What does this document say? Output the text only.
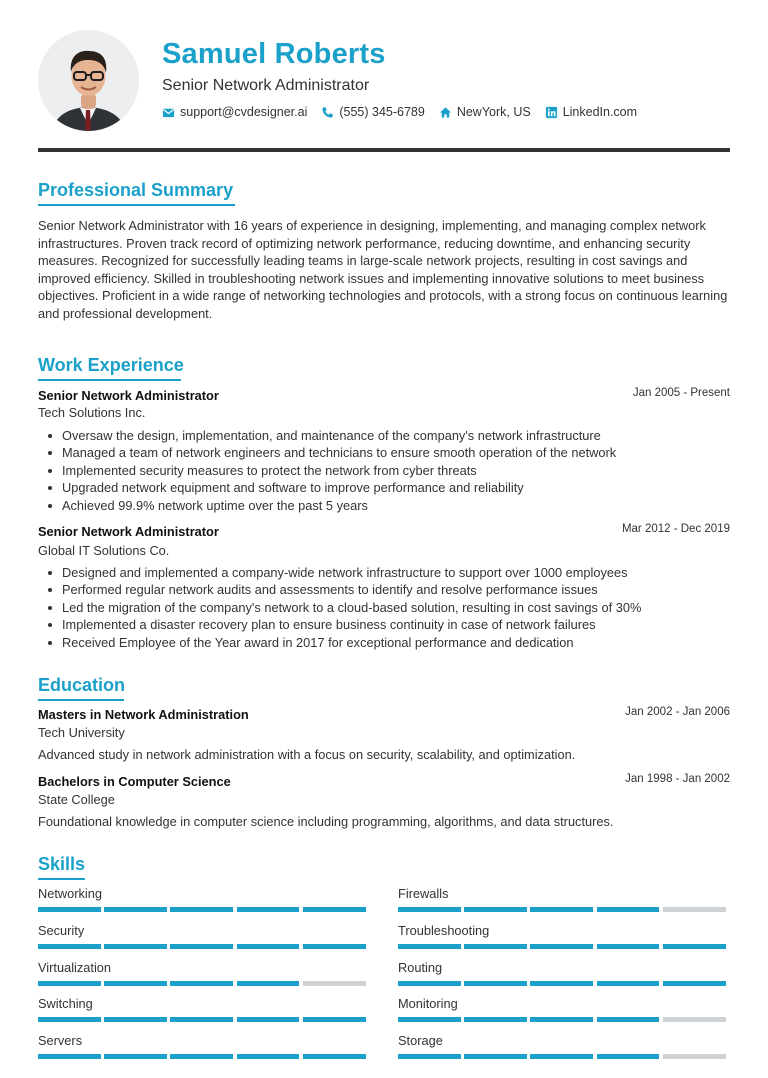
Samuel Roberts
Senior Network Administrator
support@cvdesigner.ai	(555) 345-6789	NewYork, US	LinkedIn.com
Professional Summary
Senior Network Administrator with 16 years of experience in designing, implementing, and managing complex network infrastructures. Proven track record of optimizing network performance, reducing downtime, and enhancing security measures. Recognized for successfully leading teams in large-scale network projects, resulting in cost savings and improved efficiency. Skilled in troubleshooting network issues and implementing innovative solutions to meet business objectives. Proficient in a wide range of networking technologies and protocols, with a strong focus on continuous learning and professional development.
Work Experience
Senior Network Administrator	Jan 2005 - Present
Tech Solutions Inc.
Oversaw the design, implementation, and maintenance of the company's network infrastructure
Managed a team of network engineers and technicians to ensure smooth operation of the network
Implemented security measures to protect the network from cyber threats
Upgraded network equipment and software to improve performance and reliability
Achieved 99.9% network uptime over the past 5 years
Senior Network Administrator	Mar 2012 - Dec 2019
Global IT Solutions Co.
Designed and implemented a company-wide network infrastructure to support over 1000 employees
Performed regular network audits and assessments to identify and resolve performance issues
Led the migration of the company's network to a cloud-based solution, resulting in cost savings of 30%
Implemented a disaster recovery plan to ensure business continuity in case of network failures
Received Employee of the Year award in 2017 for exceptional performance and dedication
Education
Masters in Network Administration	Jan 2002 - Jan 2006
Tech University
Advanced study in network administration with a focus on security, scalability, and optimization.
Bachelors in Computer Science	Jan 1998 - Jan 2002
State College
Foundational knowledge in computer science including programming, algorithms, and data structures.
Skills
Networking	Firewalls
Security	Troubleshooting
Virtualization	Routing
Switching	Monitoring
Servers	Storage
